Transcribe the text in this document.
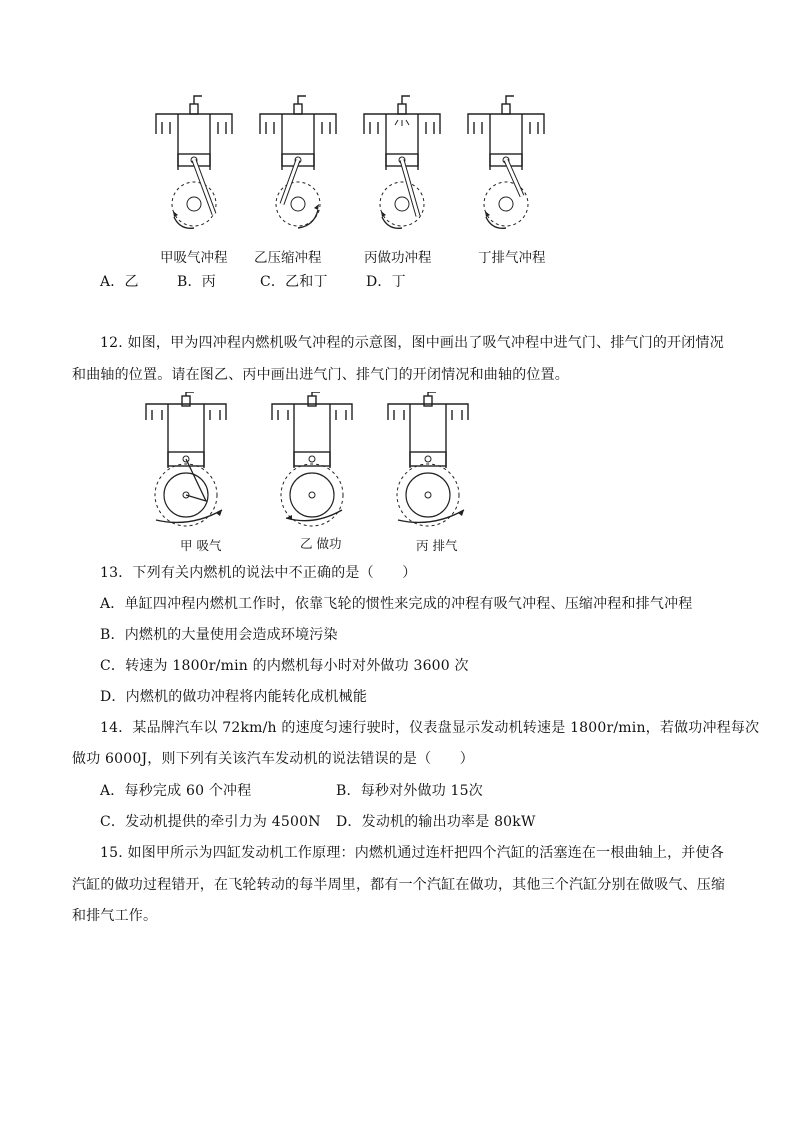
甲吸气冲程 乙压缩冲程	丙做功冲程	丁排气冲程
A．乙	B．丙	C．乙和丁	D．丁
12. 如图，甲为四冲程内燃机吸气冲程的示意图，图中画出了吸气冲程中进气门、排气门的开闭情况
和曲轴的位置。请在图乙、丙中画出进气门、排气门的开闭情况和曲轴的位置。
甲 吸气	乙 做功	丙 排气
13．下列有关内燃机的说法中不正确的是（　　）
A．单缸四冲程内燃机工作时，依靠飞轮的惯性来完成的冲程有吸气冲程、压缩冲程和排气冲程
B．内燃机的大量使用会造成环境污染
C．转速为 1800r/min 的内燃机每小时对外做功 3600 次
D．内燃机的做功冲程将内能转化成机械能
14．某品牌汽车以 72km/h 的速度匀速行驶时，仪表盘显示发动机转速是 1800r/min，若做功冲程每次
做功 6000J，则下列有关该汽车发动机的说法错误的是（　　）
A．每秒完成 60 个冲程	B．每秒对外做功 15次
C．发动机提供的牵引力为 4500N D．发动机的输出功率是 80kW
15. 如图甲所示为四缸发动机工作原理：内燃机通过连杆把四个汽缸的活塞连在一根曲轴上，并使各
汽缸的做功过程错开，在飞轮转动的每半周里，都有一个汽缸在做功，其他三个汽缸分别在做吸气、压缩
和排气工作。
